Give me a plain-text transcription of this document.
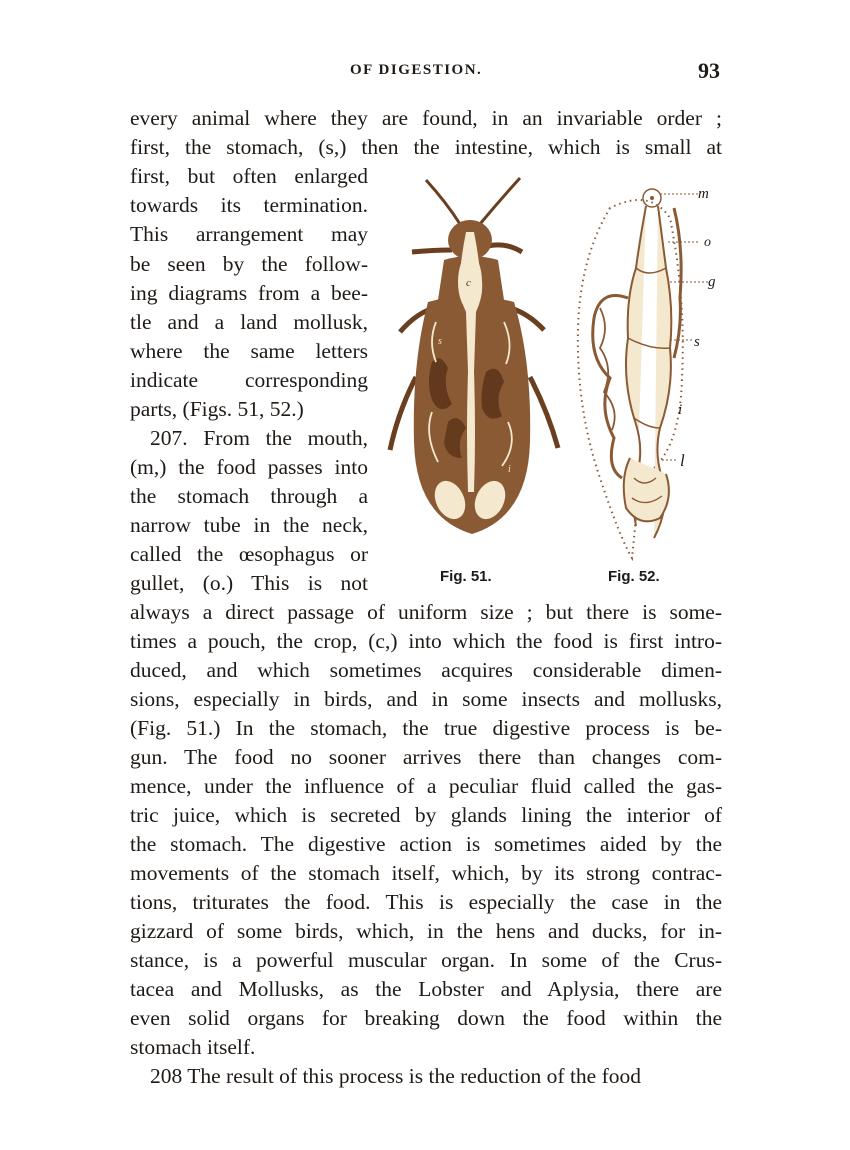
OF DIGESTION.	93
every animal where they are found, in an invariable order ;
first, the stomach, (s,) then the intestine, which is small at
first, but often enlarged
towards its termination.
This arrangement may
be seen by the follow-
ing diagrams from a bee-
tle and a land mollusk,
where the same letters
indicate corresponding
parts, (Figs. 51, 52.)
207. From the mouth,
(m,) the food passes into
the stomach through a
narrow tube in the neck,
called the œsophagus or
gullet, (o.) This is not
always a direct passage of uniform size ; but there is some-
times a pouch, the crop, (c,) into which the food is first intro-
duced, and which sometimes acquires considerable dimen-
sions, especially in birds, and in some insects and mollusks,
(Fig. 51.) In the stomach, the true digestive process is be-
gun. The food no sooner arrives there than changes com-
mence, under the influence of a peculiar fluid called the gas-
tric juice, which is secreted by glands lining the interior of
the stomach. The digestive action is sometimes aided by the
movements of the stomach itself, which, by its strong contrac-
tions, triturates the food. This is especially the case in the
gizzard of some birds, which, in the hens and ducks, for in-
stance, is a powerful muscular organ. In some of the Crus-
tacea and Mollusks, as the Lobster and Aplysia, there are
even solid organs for breaking down the food within the
stomach itself.
208 The result of this process is the reduction of the food
m
c
s
i
m
o
g
s
i
l
Fig. 51.	Fig. 52.
